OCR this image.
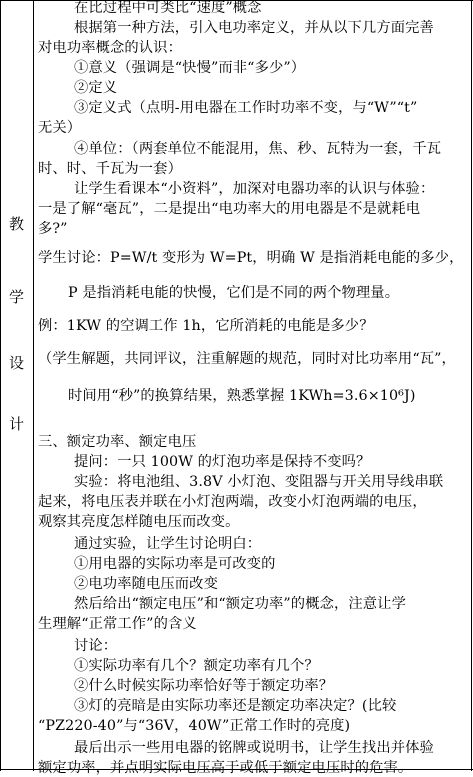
教
学
设
计
在比过程中可类比“速度”概念
根据第一种方法，引入电功率定义，并从以下几方面完善
对电功率概念的认识：
①意义（强调是“快慢”而非“多少”）
②定义
③定义式（点明-用电器在工作时功率不变，与“W”“t”
无关）
④单位：（两套单位不能混用，焦、秒、瓦特为一套，千瓦
时、时、千瓦为一套）
让学生看课本“小资料”，加深对电器功率的认识与体验：
一是了解“毫瓦”，二是提出“电功率大的用电器是不是就耗电
多?”
学生讨论：P=W/t 变形为 W=Pt，明确 W 是指消耗电能的多少，
P 是指消耗电能的快慢，它们是不同的两个物理量。
例：1KW 的空调工作 1h，它所消耗的电能是多少？
（学生解题，共同评议，注重解题的规范，同时对比功率用“瓦”，
时间用“秒”的换算结果，熟悉掌握 1KWh=3.6×10⁶J)
三、额定功率、额定电压
提问：一只 100W 的灯泡功率是保持不变吗？
实验：将电池组、3.8V 小灯泡、变阻器与开关用导线串联
起来，将电压表并联在小灯泡两端，改变小灯泡两端的电压，
观察其亮度怎样随电压而改变。
通过实验，让学生讨论明白：
①用电器的实际功率是可改变的
②电功率随电压而改变
然后给出“额定电压”和“额定功率”的概念，注意让学
生理解“正常工作”的含义
讨论：
①实际功率有几个？额定功率有几个？
②什么时候实际功率恰好等于额定功率？
③灯的亮暗是由实际功率还是额定功率决定？(比较
“PZ220-40”与“36V，40W”正常工作时的亮度)
最后出示一些用电器的铭牌或说明书，让学生找出并体验
额定功率，并点明实际电压高于或低于额定电压时的危害。
